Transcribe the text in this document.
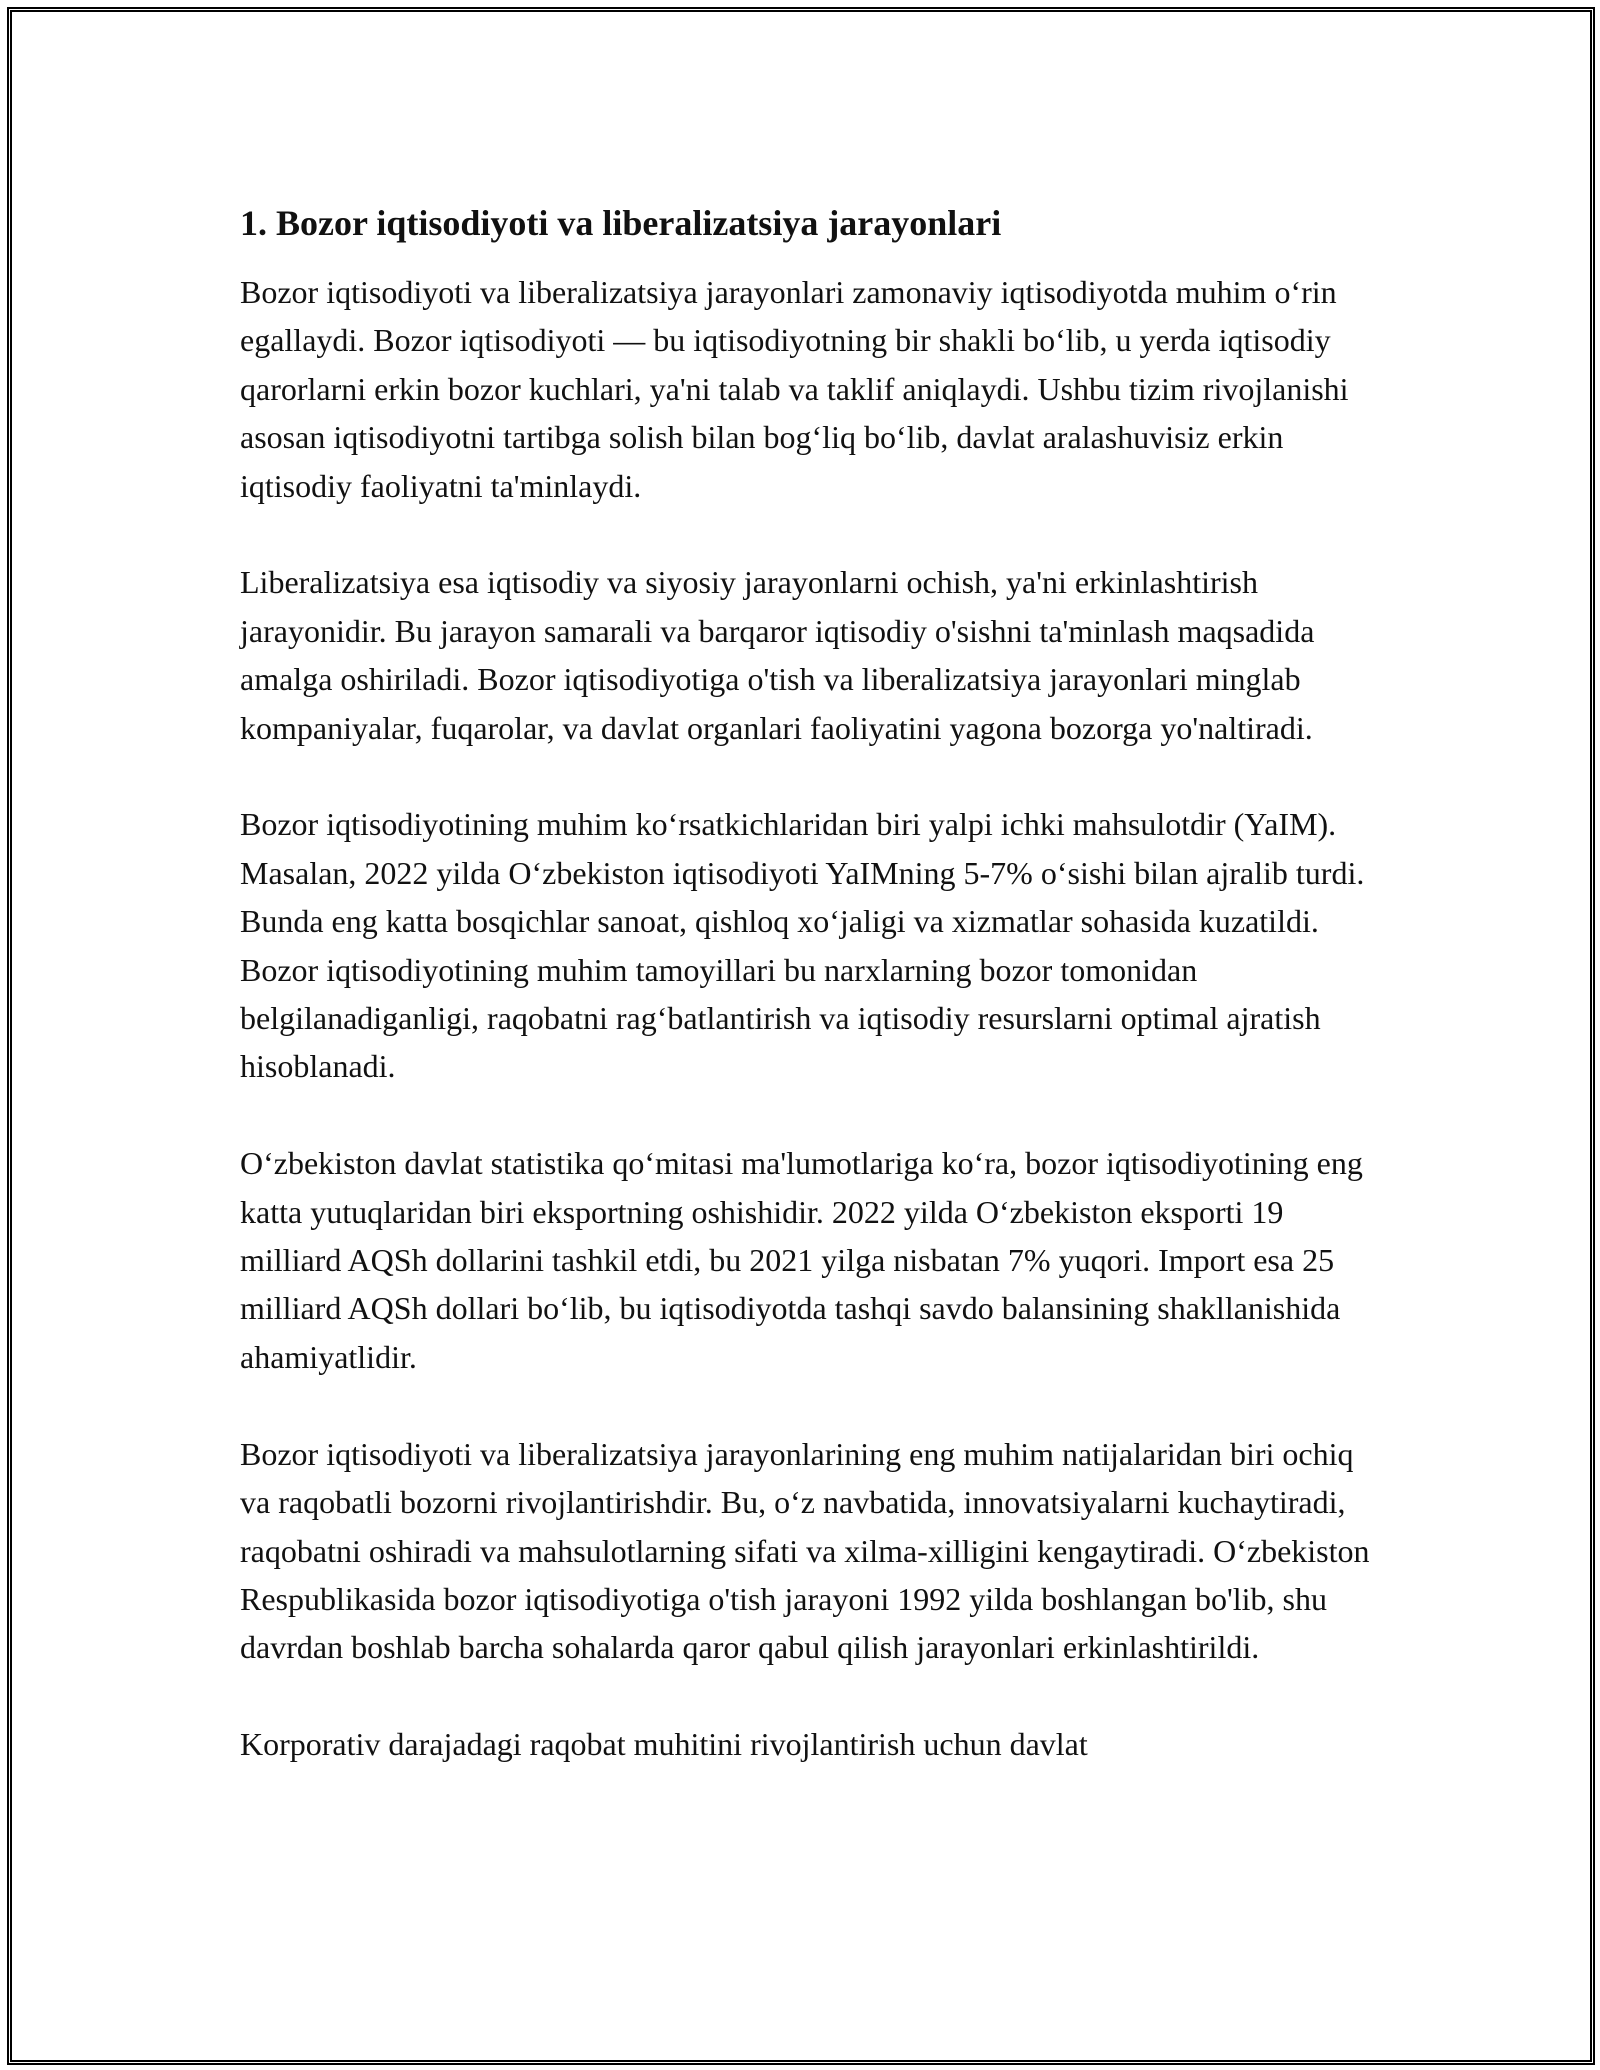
1. Bozor iqtisodiyoti va liberalizatsiya jarayonlari

Bozor iqtisodiyoti va liberalizatsiya jarayonlari zamonaviy iqtisodiyotda muhim o‘rin egallaydi. Bozor iqtisodiyoti — bu iqtisodiyotning bir shakli bo‘lib, u yerda iqtisodiy qarorlarni erkin bozor kuchlari, ya'ni talab va taklif aniqlaydi. Ushbu tizim rivojlanishi asosan iqtisodiyotni tartibga solish bilan bog‘liq bo‘lib, davlat aralashuvisiz erkin iqtisodiy faoliyatni ta'minlaydi.

Liberalizatsiya esa iqtisodiy va siyosiy jarayonlarni ochish, ya'ni erkinlashtirish jarayonidir. Bu jarayon samarali va barqaror iqtisodiy o'sishni ta'minlash maqsadida amalga oshiriladi. Bozor iqtisodiyotiga o'tish va liberalizatsiya jarayonlari minglab kompaniyalar, fuqarolar, va davlat organlari faoliyatini yagona bozorga yo'naltiradi.

Bozor iqtisodiyotining muhim ko‘rsatkichlaridan biri yalpi ichki mahsulotdir (YaIM). Masalan, 2022 yilda O‘zbekiston iqtisodiyoti YaIMning 5-7% o‘sishi bilan ajralib turdi. Bunda eng katta bosqichlar sanoat, qishloq xo‘jaligi va xizmatlar sohasida kuzatildi. Bozor iqtisodiyotining muhim tamoyillari bu narxlarning bozor tomonidan belgilanadiganligi, raqobatni rag‘batlantirish va iqtisodiy resurslarni optimal ajratish hisoblanadi.

O‘zbekiston davlat statistika qo‘mitasi ma'lumotlariga ko‘ra, bozor iqtisodiyotining eng katta yutuqlaridan biri eksportning oshishidir. 2022 yilda O‘zbekiston eksporti 19 milliard AQSh dollarini tashkil etdi, bu 2021 yilga nisbatan 7% yuqori. Import esa 25 milliard AQSh dollari bo‘lib, bu iqtisodiyotda tashqi savdo balansining shakllanishida ahamiyatlidir.

Bozor iqtisodiyoti va liberalizatsiya jarayonlarining eng muhim natijalaridan biri ochiq va raqobatli bozorni rivojlantirishdir. Bu, o‘z navbatida, innovatsiyalarni kuchaytiradi, raqobatni oshiradi va mahsulotlarning sifati va xilma-xilligini kengaytiradi. O‘zbekiston Respublikasida bozor iqtisodiyotiga o'tish jarayoni 1992 yilda boshlangan bo'lib, shu davrdan boshlab barcha sohalarda qaror qabul qilish jarayonlari erkinlashtirildi.

Korporativ darajadagi raqobat muhitini rivojlantirish uchun davlat
